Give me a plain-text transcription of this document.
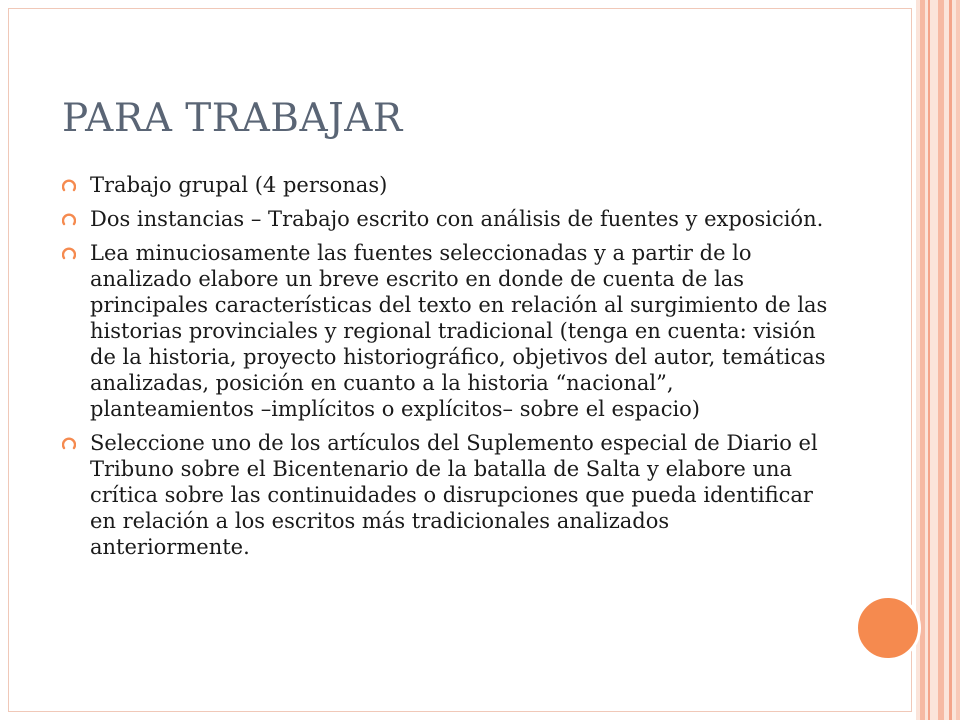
PARA TRABAJAR
Trabajo grupal (4 personas)
Dos instancias – Trabajo escrito con análisis de fuentes y exposición.
Lea minuciosamente las fuentes seleccionadas y a partir de lo analizado elabore un breve escrito en donde de cuenta de las principales características del texto en relación al surgimiento de las historias provinciales y regional tradicional (tenga en cuenta: visión de la historia, proyecto historiográfico, objetivos del autor, temáticas analizadas, posición en cuanto a la historia “nacional”, planteamientos –implícitos o explícitos– sobre el espacio)
Seleccione uno de los artículos del Suplemento especial de Diario el Tribuno sobre el Bicentenario de la batalla de Salta y elabore una crítica sobre las continuidades o disrupciones que pueda identificar en relación a los escritos más tradicionales analizados anteriormente.
